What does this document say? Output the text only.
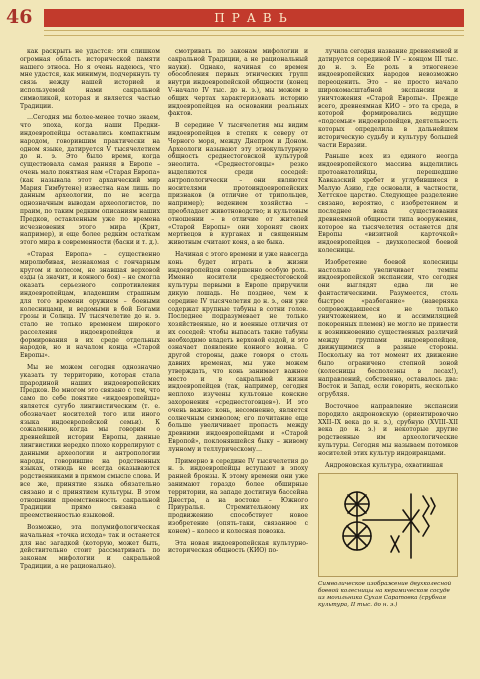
46	ПРАВЬ

как раскрыть не удастся: эти слишком огромная область исторической памяти нашего этноса. Но я очень надеюсь, что мне удастся, как минимум, подчеркнуть ту связь нежду нашей историей и используемой нами сакральной символикой, которая и является частью Традиции.

…Сегодня мы более-менее точно знаем, что эпоха, когда наши Предки-индоевропейцы оставались компактным народом, говорившим практически на одном языке, датируется V тысячелетием до н. э. Это было время, когда существовала самая ранняя в Европе – очень мало понятная нам «Старая Европа» (как называла этот архаический мир Мария Гимбутене) известна нам лишь по данным археологии, по не всегда однозначным выводам археологистов, по праим, по таким редким описаниям наших Предков, оставленным уже по времена исчезновения этого мира (Крит, например), и еще более редким остаткам этого мира в современности (баски и т. д.).

«Старая Европа» – существенно миролюбивая, незнакомая с гончарным кругом и колесом, не знавшая верховой езды (а значит, и конного боя) – не смогла оказать серьезного сопротивления индоевропейцам, владевшим страшным для того времени оружием – боевыми колесницами, и ведомыми в бой Богами грозы и Солнца. IV тысячелетие до н. э. стало не только временем широкого расселения индоевропейцев и формирования в их среде отдельных народов, но и началом конца «Старой Европы».

Мы не можем сегодня однозначно указать ту территорию, которая стала прародиной наших индоевропейских Предков. Во многом это связано с тем, что само по себе понятие «индоевропейцы» является сугубо лингвистическим (т. е. обозначает носителей того или иного языка индоевропейской семьи). К сожалению, когда мы говорим о древнейшей истории Европы, данные лингвистики нередко плохо коррелируют с данными археологии и антропологии народы, говорившие на родственных языках, отнюдь не всегда оказываются родственниками в прямом смысле слова. И все же, принятие языка обязательно связано и с принятием культуры. В этом отношении преемственность сакральной Традиции прямо связана с преемственностью языковой.

Возможно, эта полумифологическая начальная «точка исхода» так и останется для нас загадкой (которую, может быть, действительно стоит рассматривать по законам мифологии и сакральной Традиции, а не рационально).

смотривать по законам мифологии и сакральной Традиции, а не рациональный науки). Однако, начиная со времен обособления первых этнических групп внутри индоевропейской общности (конец V–начало IV тыс. до н. э.), мы можем в общих чертах характеризовать историю индоевропейцев на основании реальных фактов.

В середине V тысячелетия мы видим индоевропейцев в степях к северу от Черного моря, между Днепром и Доном. Археологи называют эту этнокультурную общность среднестоговской культурой энеолита. «Среднестоговцы» резко выделяются среди соседей: антропологически – они являются носителями протоиндоевропейских признаков (в отличие от трипольцев, например); ведением хозяйства – преобладает животноводство; и культовым отношении – в отличие от жителей «Старой Европы» они хоронят своих мертвецов в курганах и священным животным считают коня, а не быка.

Начиная с этого времени и уже навсегда конь будет играть в жизни индоевропейцев совершенно особую роль. Именно носители среднестоговской культуры первыми в Европе приручили дикую лошадь. Не позднее, чем к середине IV тысячелетия до н. э., они уже содержат крупные табуны в сотни голов. Последнее подразумевает не только хозяйственные, но и военные отличия от их соседей: чтобы выпасать такие табуны необходимо владеть верховой ездой, и это означает появление конного воина. С другой стороны, даже говоря о столь давних временах, мы уже можем утверждать, что конь занимает важное место и в сакральной жизни индоевропейцев (так, например, сегодня неплохо изучены культовые конские захоронения «среднестоговцев»). И это очень важно: конь, несомненно, является солнечным символом; его почитание еще больше увеличивает пропасть между древними индоевропейцами и «Старой Европой», поклонявшейся быку – живому лунному и теллурическому…

Примерно в середине IV тысячелетия до н. э. индоевропейцы вступают в эпоху ранней бронзы. К этому времени они уже занимают гораздо более обширные территории, на западе достигнув бассейна Днестра, а на востоке – Южного Приуралья. Стремительному их продвижению способствует новое изобретение (опять-таки, связанное с конем) – колесо и колесная повозка.

Эта новая индоевропейская культурно-историческая общность (КИО) по-

лучила сегодня название древнеямной и датируется серединой IV – концом III тыс. до н. э. Ее роль в этногенезе индоевропейских народов невозможно переоценить. Это – не просто начало широкомасштабной экспансии и уничтожения «Старой Европы». Прежде всего, древнеямная КИО – это та среда, в которой формировались ведущие «подсемьи» индоевропейцев, деятельность которых определила в дальнейшем историческую судьбу и культуру большей части Евразии.

Раньше всех из единого неогда индоевропейского массива выделились протоанатолийцы, перешедшие Кавказский хребет и углубившиеся в Малую Азию, где основали, в частности, Хеттское царство. Следующее разделение связано, вероятно, с изобретением и последнее века существования древнеямной общности типа вооружения, которое на тысячелетия останется для Европы «визитной карточкой» индоевропейцев – двухколесной боевой колесницы.

Изобретение боевой колесницы настолько увеличивает темпы индоевропейской экспансии, что сегодня они выглядят едва ли не фантастическими. Разумеется, столь быстрое «разбегание» (наверняка сопровождавшееся не только уничтожением, но и ассимиляцией покоренных племен) не могло не привести к возникновению существенных различий между группами индоевропейцев, движущимися в разные стороны. Поскольку на тот момент их движение было ограничено степной зоной (колесницы бесполезны в лесах!), направлений, собственно, оставалось два: Восток и Запад, если говорить, несколько огрубляя.

Восточное направление экспансии породило андроновскую (ориентировочно XXII–IX века до н. э.), срубную (XVIII–XII века до н. э.) и некоторые другие родственные им археологические культуры. Сегодня мы называем потомков носителей этих культур индоиранцами.

Андроновская культура, охватившая

Символическое изображение двухколесной боевой колесницы на керамическом сосуде из могильника Сухая Саратовка (срубная культура, II тыс. до н. э.)
